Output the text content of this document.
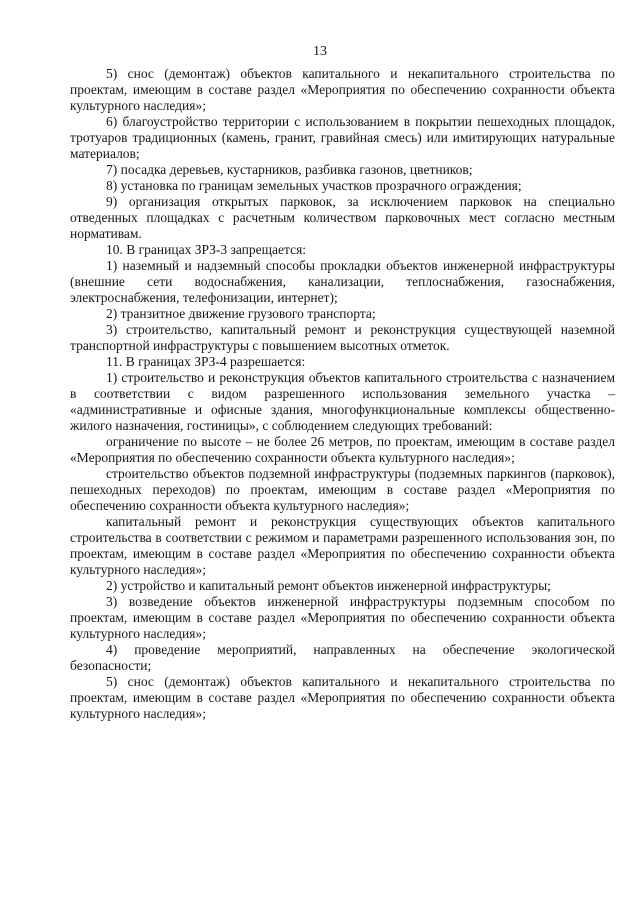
13

5) снос (демонтаж) объектов капитального и некапитального строительства по проектам, имеющим в составе раздел «Мероприятия по обеспечению сохранности объекта культурного наследия»;

6) благоустройство территории с использованием в покрытии пешеходных площадок, тротуаров традиционных (камень, гранит, гравийная смесь) или имитирующих натуральные материалов;

7) посадка деревьев, кустарников, разбивка газонов, цветников;

8) установка по границам земельных участков прозрачного ограждения;

9) организация открытых парковок, за исключением парковок на специально отведенных площадках с расчетным количеством парковочных мест согласно местным нормативам.

10. В границах ЗРЗ-3 запрещается:

1) наземный и надземный способы прокладки объектов инженерной инфраструктуры (внешние сети водоснабжения, канализации, теплоснабжения, газоснабжения, электроснабжения, телефонизации, интернет);

2) транзитное движение грузового транспорта;

3) строительство, капитальный ремонт и реконструкция существующей наземной транспортной инфраструктуры с повышением высотных отметок.

11. В границах ЗРЗ-4 разрешается:

1) строительство и реконструкция объектов капитального строительства с назначением в соответствии с видом разрешенного использования земельного участка – «административные и офисные здания, многофункциональные комплексы общественно-жилого назначения, гостиницы», с соблюдением следующих требований:

ограничение по высоте – не более 26 метров, по проектам, имеющим в составе раздел «Мероприятия по обеспечению сохранности объекта культурного наследия»;

строительство объектов подземной инфраструктуры (подземных паркингов (парковок), пешеходных переходов) по проектам, имеющим в составе раздел «Мероприятия по обеспечению сохранности объекта культурного наследия»;

капитальный ремонт и реконструкция существующих объектов капитального строительства в соответствии с режимом и параметрами разрешенного использования зон, по проектам, имеющим в составе раздел «Мероприятия по обеспечению сохранности объекта культурного наследия»;

2) устройство и капитальный ремонт объектов инженерной инфраструктуры;

3) возведение объектов инженерной инфраструктуры подземным способом по проектам, имеющим в составе раздел «Мероприятия по обеспечению сохранности объекта культурного наследия»;

4) проведение мероприятий, направленных на обеспечение экологической безопасности;

5) снос (демонтаж) объектов капитального и некапитального строительства по проектам, имеющим в составе раздел «Мероприятия по обеспечению сохранности объекта культурного наследия»;
